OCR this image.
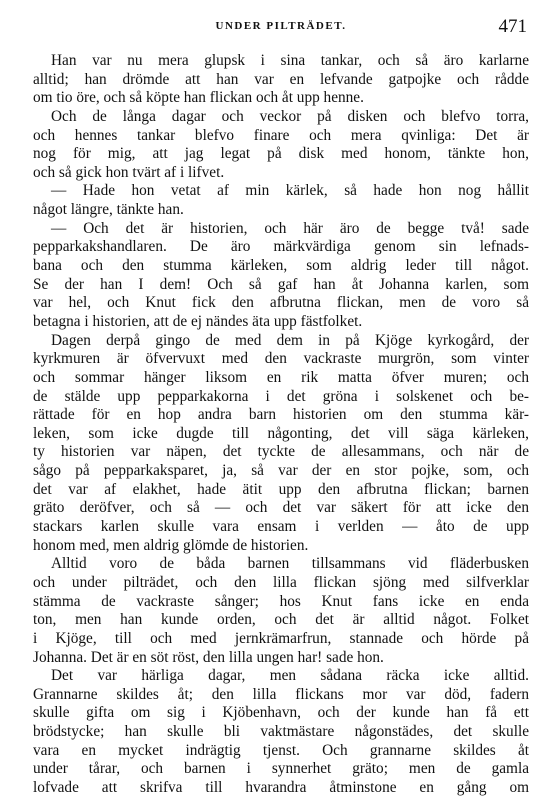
UNDER PILTRÄDET.	471
Han var nu mera glupsk i sina tankar, och så äro karlarne
alltid; han drömde att han var en lefvande gatpojke och rådde
om tio öre, och så köpte han flickan och åt upp henne.
Och de långa dagar och veckor på disken och blefvo torra,
och hennes tankar blefvo finare och mera qvinliga: Det är
nog för mig, att jag legat på disk med honom, tänkte hon,
och så gick hon tvärt af i lifvet.
— Hade hon vetat af min kärlek, så hade hon nog hållit
något längre, tänkte han.
— Och det är historien, och här äro de begge två! sade
pepparkakshandlaren. De äro märkvärdiga genom sin lefnads-
bana och den stumma kärleken, som aldrig leder till något.
Se der han I dem! Och så gaf han åt Johanna karlen, som
var hel, och Knut fick den afbrutna flickan, men de voro så
betagna i historien, att de ej nändes äta upp fästfolket.
Dagen derpå gingo de med dem in på Kjöge kyrkogård, der
kyrkmuren är öfvervuxt med den vackraste murgrön, som vinter
och sommar hänger liksom en rik matta öfver muren; och
de stälde upp pepparkakorna i det gröna i solskenet och be-
rättade för en hop andra barn historien om den stumma kär-
leken, som icke dugde till någonting, det vill säga kärleken,
ty historien var näpen, det tyckte de allesammans, och när de
sågo på pepparkaksparet, ja, så var der en stor pojke, som, och
det var af elakhet, hade ätit upp den afbrutna flickan; barnen
gräto deröfver, och så — och det var säkert för att icke den
stackars karlen skulle vara ensam i verlden — åto de upp
honom med, men aldrig glömde de historien.
Alltid voro de båda barnen tillsammans vid fläderbusken
och under pilträdet, och den lilla flickan sjöng med silfverklar
stämma de vackraste sånger; hos Knut fans icke en enda
ton, men han kunde orden, och det är alltid något. Folket
i Kjöge, till och med jernkrämarfrun, stannade och hörde på
Johanna. Det är en söt röst, den lilla ungen har! sade hon.
Det var härliga dagar, men sådana räcka icke alltid.
Grannarne skildes åt; den lilla flickans mor var död, fadern
skulle gifta om sig i Kjöbenhavn, och der kunde han få ett
brödstycke; han skulle bli vaktmästare någonstädes, det skulle
vara en mycket indrägtig tjenst. Och grannarne skildes åt
under tårar, och barnen i synnerhet gräto; men de gamla
lofvade att skrifva till hvarandra åtminstone en gång om
